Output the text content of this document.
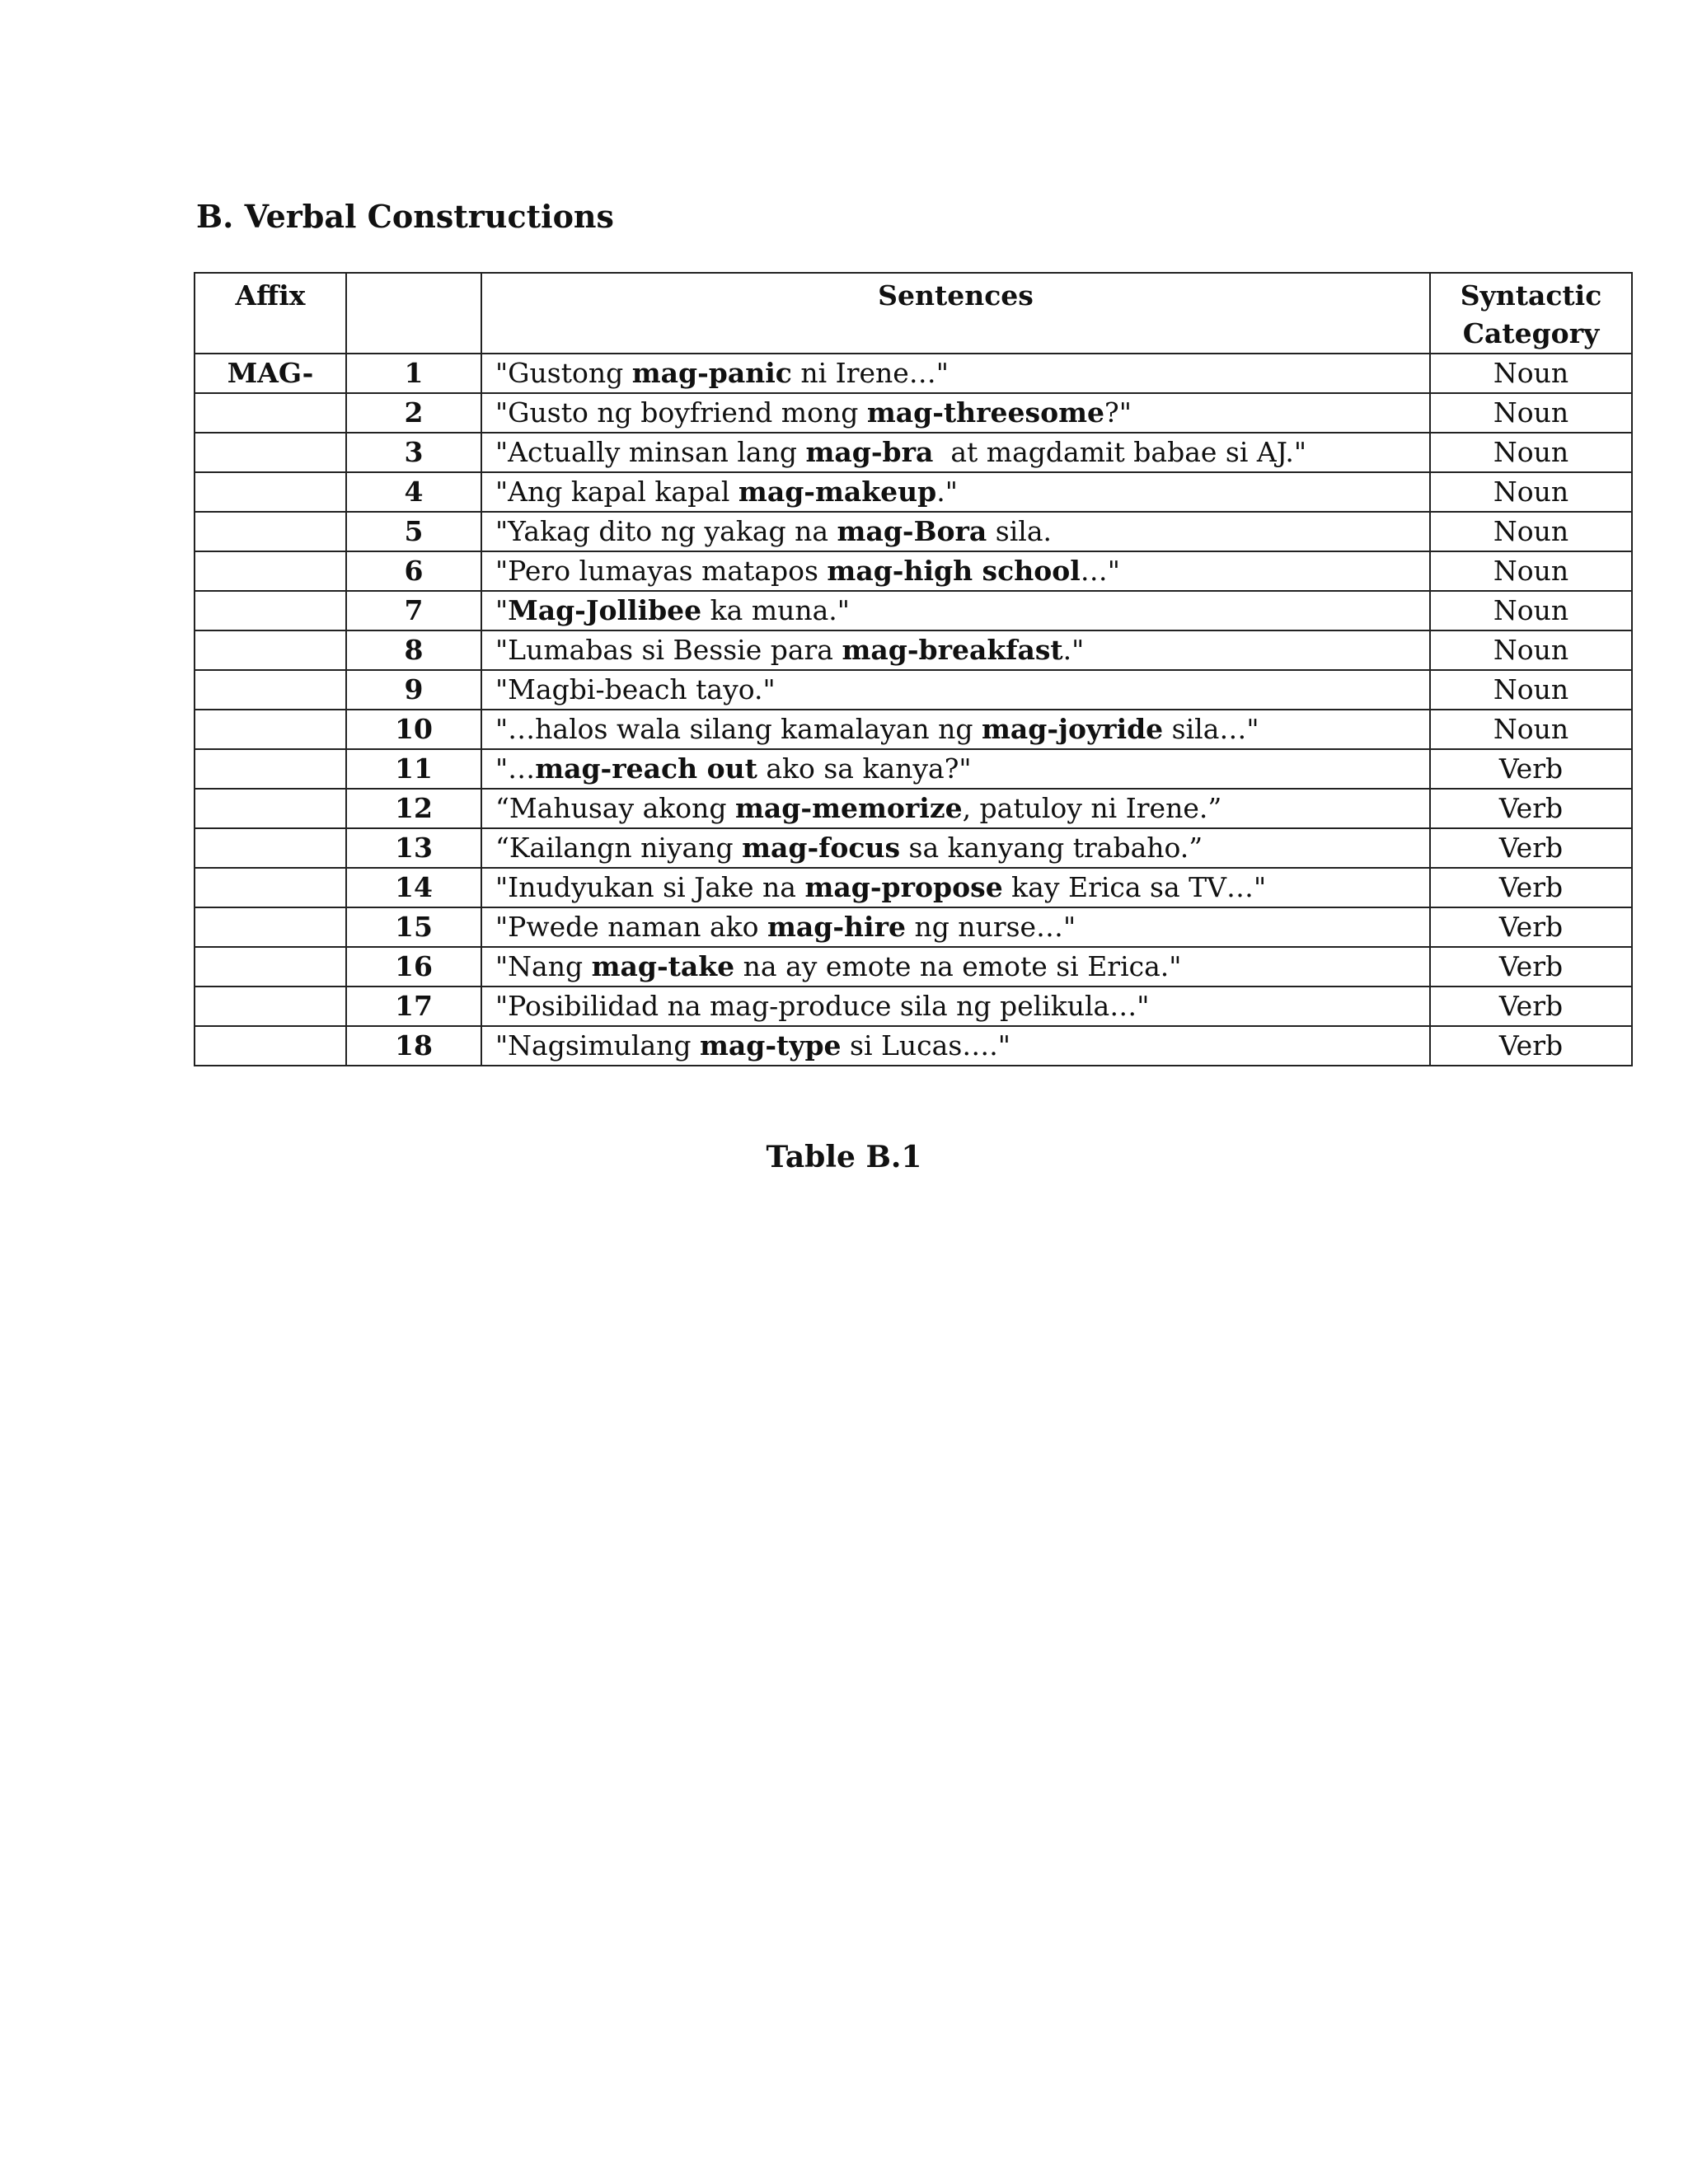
B. Verbal Constructions
Affix		Sentences	Syntactic
Category

MAG-	1	"Gustong mag-panic ni Irene…"	Noun
	2	"Gusto ng boyfriend mong mag-threesome?"	Noun
	3	"Actually minsan lang mag-bra  at magdamit babae si AJ."	Noun
	4	"Ang kapal kapal mag-makeup."	Noun
	5	"Yakag dito ng yakag na mag-Bora sila.	Noun
	6	"Pero lumayas matapos mag-high school…"	Noun
	7	"Mag-Jollibee ka muna."	Noun
	8	"Lumabas si Bessie para mag-breakfast."	Noun
	9	"Magbi-beach tayo."	Noun
	10	"…halos wala silang kamalayan ng mag-joyride sila…"	Noun
	11	"…mag-reach out ako sa kanya?"	Verb
	12	“Mahusay akong mag-memorize, patuloy ni Irene.”	Verb
	13	“Kailangn niyang mag-focus sa kanyang trabaho.”	Verb
	14	"Inudyukan si Jake na mag-propose kay Erica sa TV…"	Verb
	15	"Pwede naman ako mag-hire ng nurse…"	Verb
	16	"Nang mag-take na ay emote na emote si Erica."	Verb
	17	"Posibilidad na mag-produce sila ng pelikula…"	Verb
	18	"Nagsimulang mag-type si Lucas…."	Verb

Table B.1
